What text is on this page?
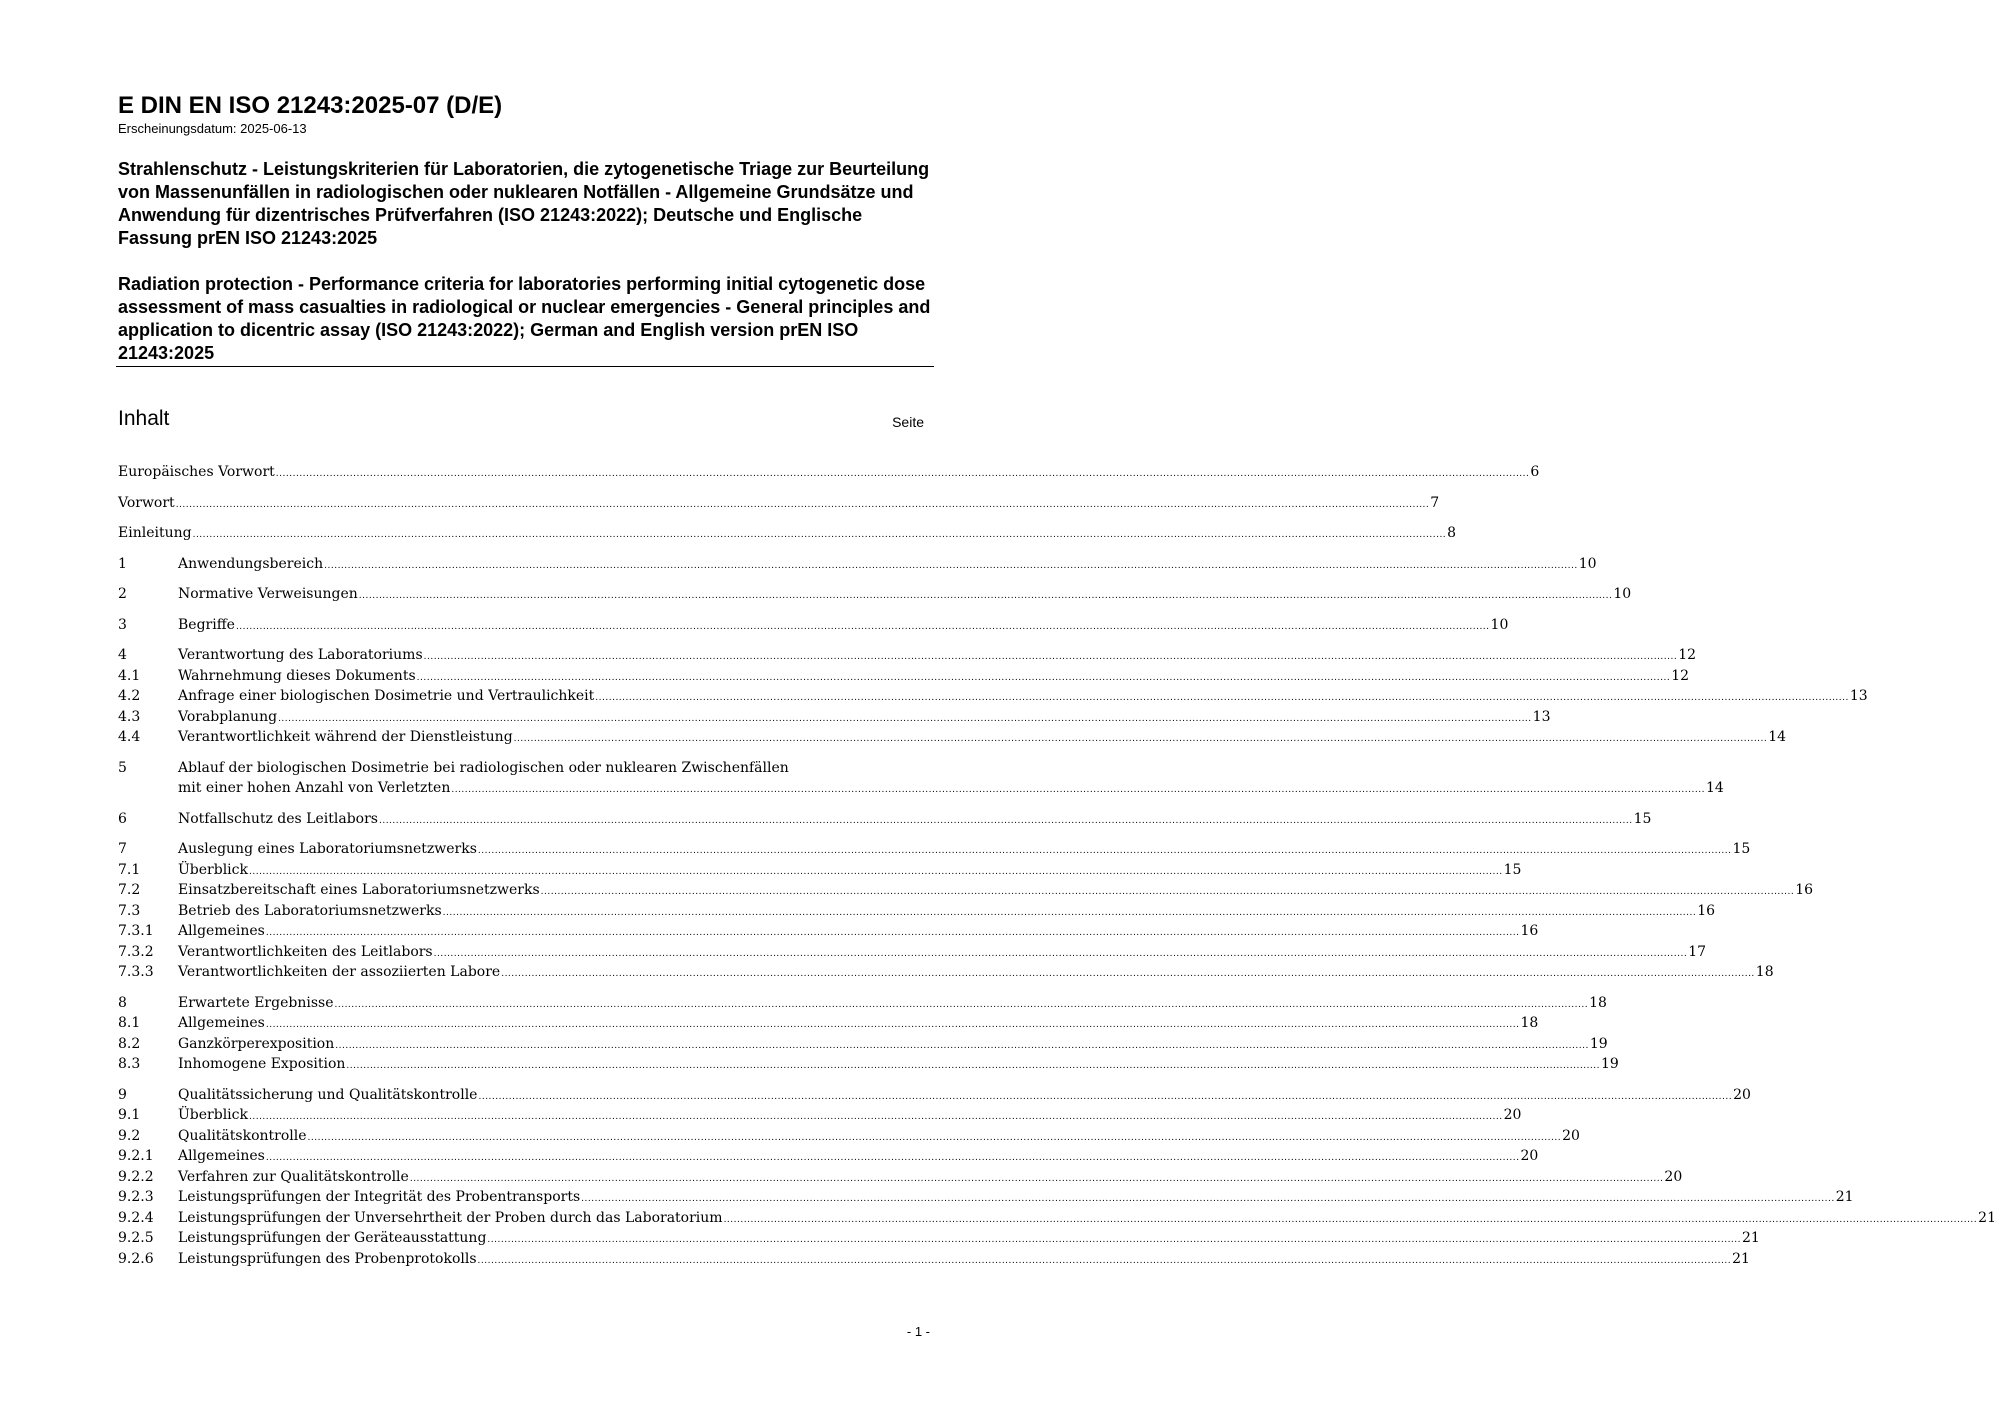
E DIN EN ISO 21243:2025-07 (D/E)

Erscheinungsdatum: 2025-06-13

Strahlenschutz - Leistungskriterien für Laboratorien, die zytogenetische Triage zur Beurteilung von Massenunfällen in radiologischen oder nuklearen Notfällen - Allgemeine Grundsätze und Anwendung für dizentrisches Prüfverfahren (ISO 21243:2022); Deutsche und Englische Fassung prEN ISO 21243:2025

Radiation protection - Performance criteria for laboratories performing initial cytogenetic dose assessment of mass casualties in radiological or nuclear emergencies - General principles and application to dicentric assay (ISO 21243:2022); German and English version prEN ISO 21243:2025

Inhalt	Seite
Europäisches Vorwort .....	6
Vorwort .....	7
Einleitung .....	8
1	Anwendungsbereich .....	10
2	Normative Verweisungen .....	10
3	Begriffe .....	10
4	Verantwortung des Laboratoriums .....	12
4.1	Wahrnehmung dieses Dokuments .....	12
4.2	Anfrage einer biologischen Dosimetrie und Vertraulichkeit .....	13
4.3	Vorabplanung .....	13
4.4	Verantwortlichkeit während der Dienstleistung .....	14
5	Ablauf der biologischen Dosimetrie bei radiologischen oder nuklearen Zwischenfällen
mit einer hohen Anzahl von Verletzten .....	14
6	Notfallschutz des Leitlabors .....	15
7	Auslegung eines Laboratoriumsnetzwerks .....	15
7.1	Überblick .....	15
7.2	Einsatzbereitschaft eines Laboratoriumsnetzwerks .....	16
7.3	Betrieb des Laboratoriumsnetzwerks .....	16
7.3.1	Allgemeines .....	16
7.3.2	Verantwortlichkeiten des Leitlabors .....	17
7.3.3	Verantwortlichkeiten der assoziierten Labore .....	18
8	Erwartete Ergebnisse .....	18
8.1	Allgemeines .....	18
8.2	Ganzkörperexposition .....	19
8.3	Inhomogene Exposition .....	19
9	Qualitätssicherung und Qualitätskontrolle .....	20
9.1	Überblick .....	20
9.2	Qualitätskontrolle .....	20
9.2.1	Allgemeines .....	20
9.2.2	Verfahren zur Qualitätskontrolle .....	20
9.2.3	Leistungsprüfungen der Integrität des Probentransports .....	21
9.2.4	Leistungsprüfungen der Unversehrtheit der Proben durch das Laboratorium .....	21
9.2.5	Leistungsprüfungen der Geräteausstattung .....	21
9.2.6	Leistungsprüfungen des Probenprotokolls .....	21
- 1 -
